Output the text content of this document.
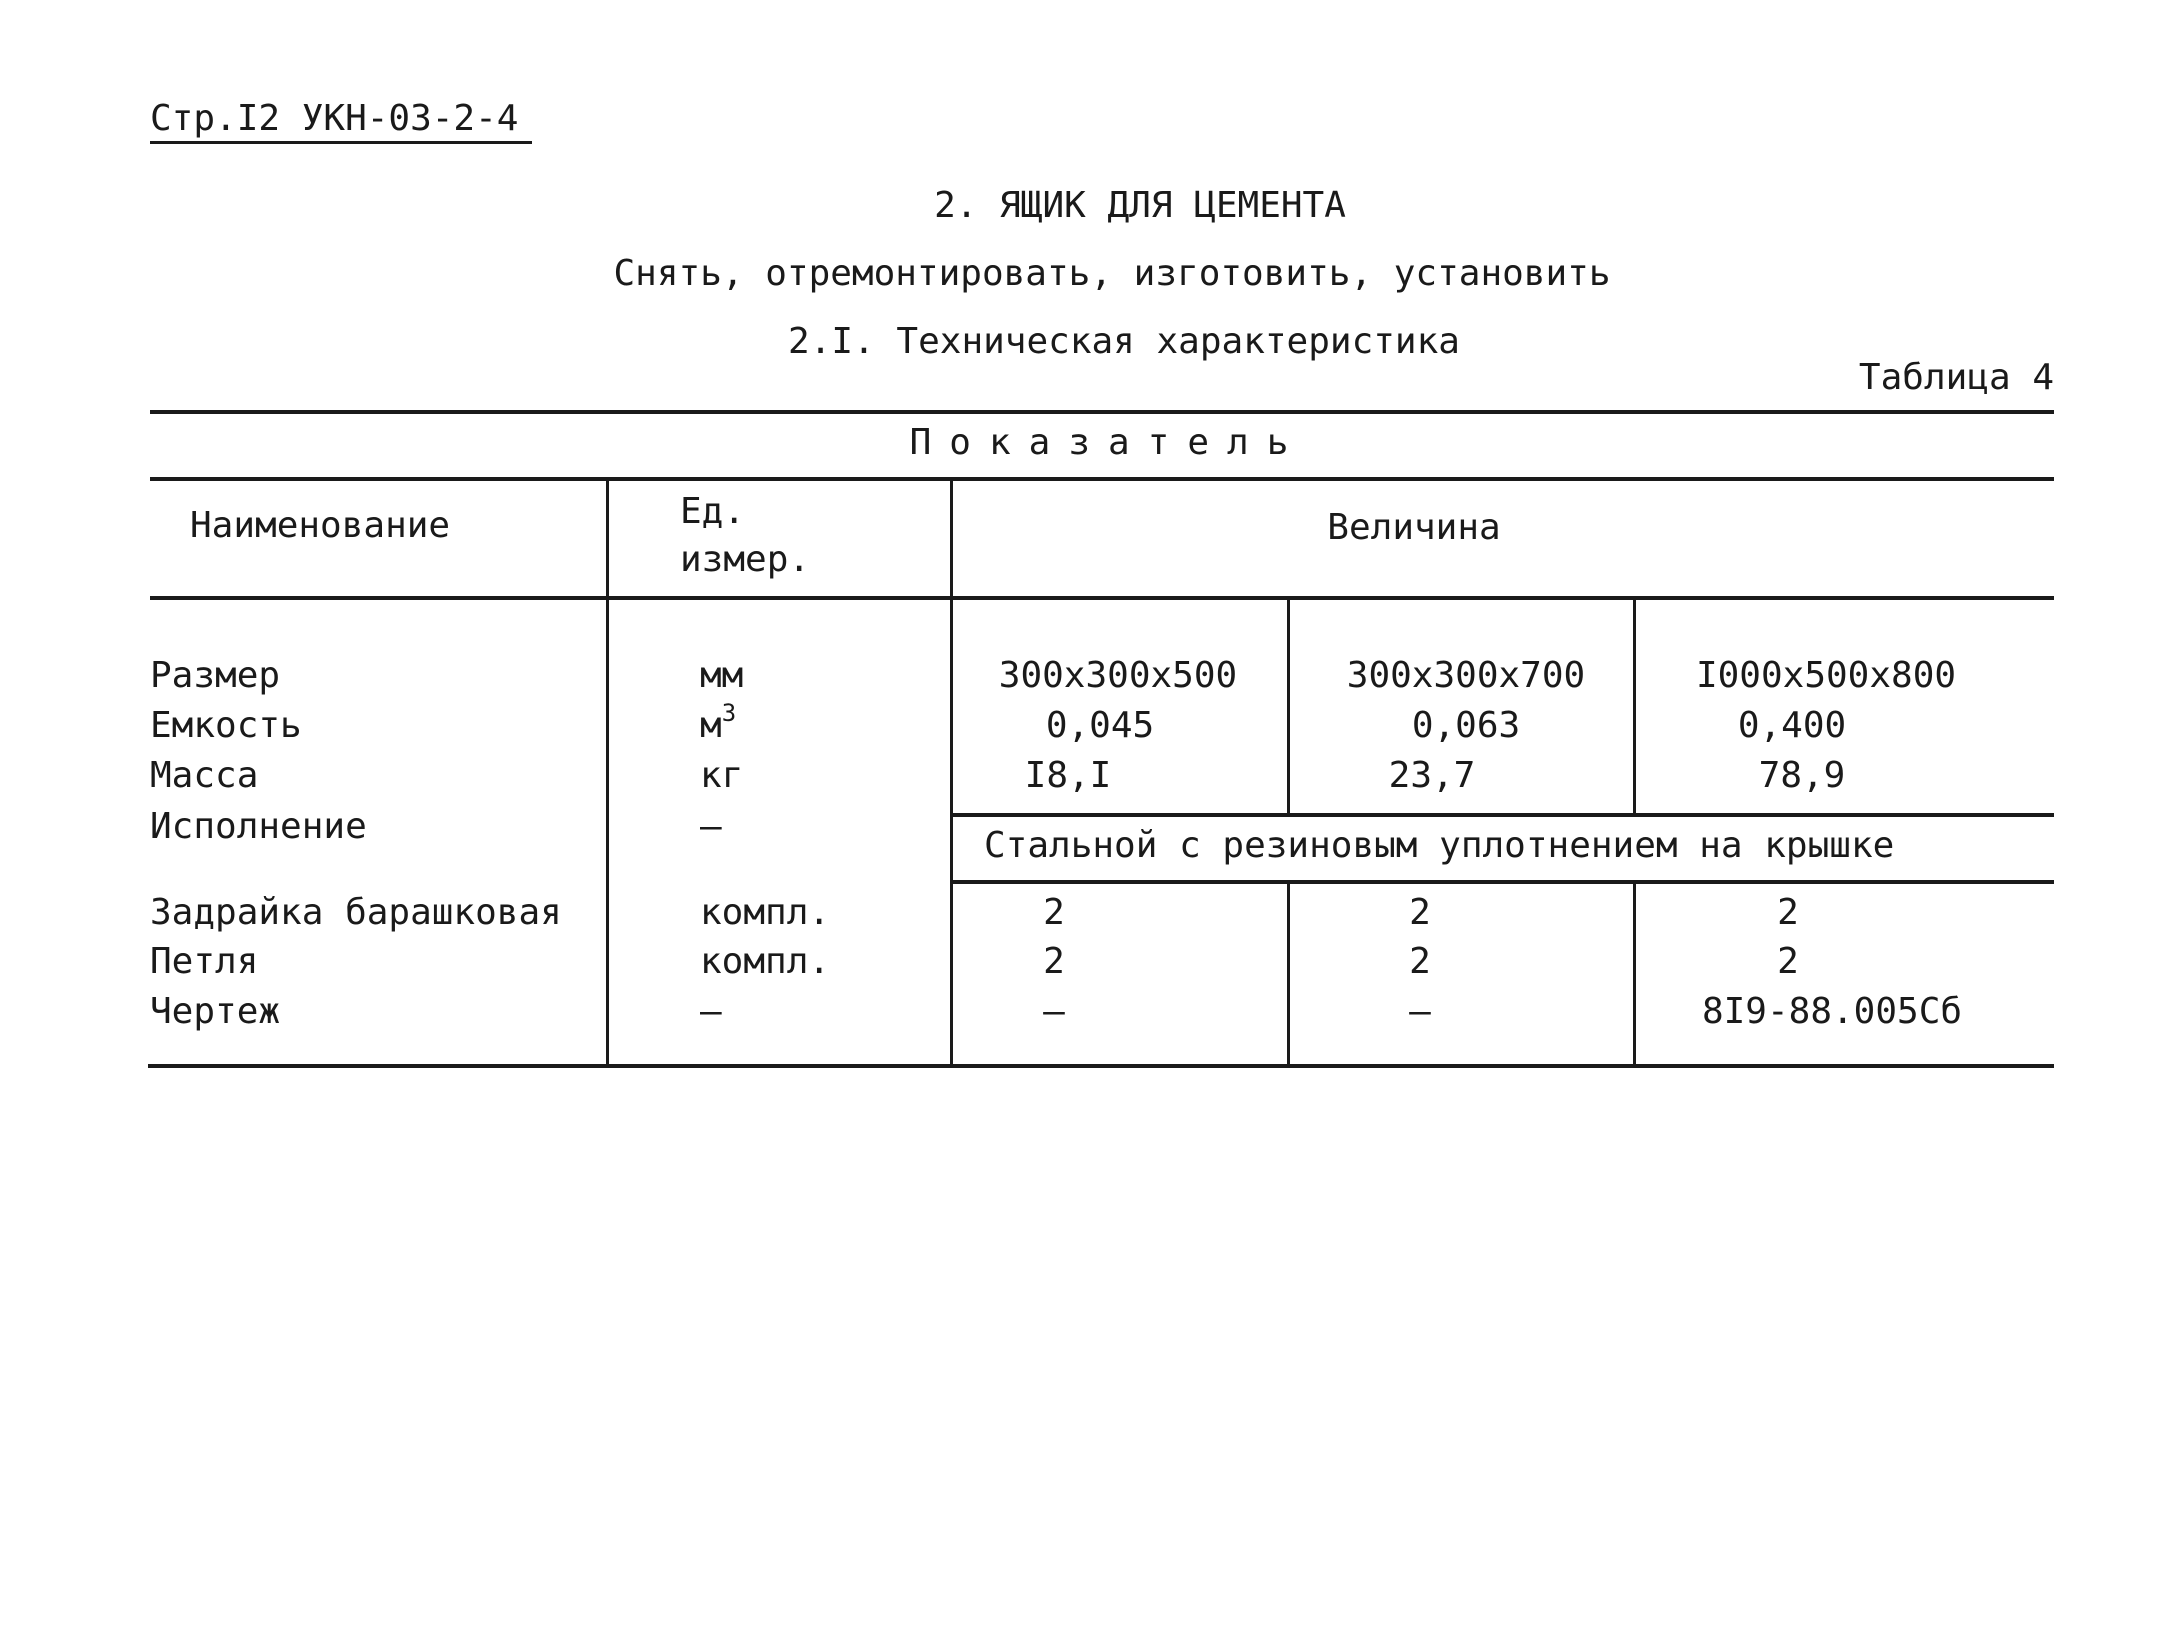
Стр.I2 УКН-03-2-4
2. ЯЩИК ДЛЯ ЦЕМЕНТА
Снять, отремонтировать, изготовить, установить
2.I. Техническая характеристика
Таблица 4
Показатель
Наименование	Ед.
измер.
Величина
Размер	мм	300x300x500	300x300x700	I000x500x800
Емкость	$м^3$	0,045	0,063	0,400
Масса	кг	I8,I	23,7	78,9
Исполнение	–	Стальной с резиновым уплотнением на крышке
Задрайка барашковая	компл.	2	2	2
Петля	компл.	2	2	2
Чертеж	–	–	–	8I9-88.005Сб
